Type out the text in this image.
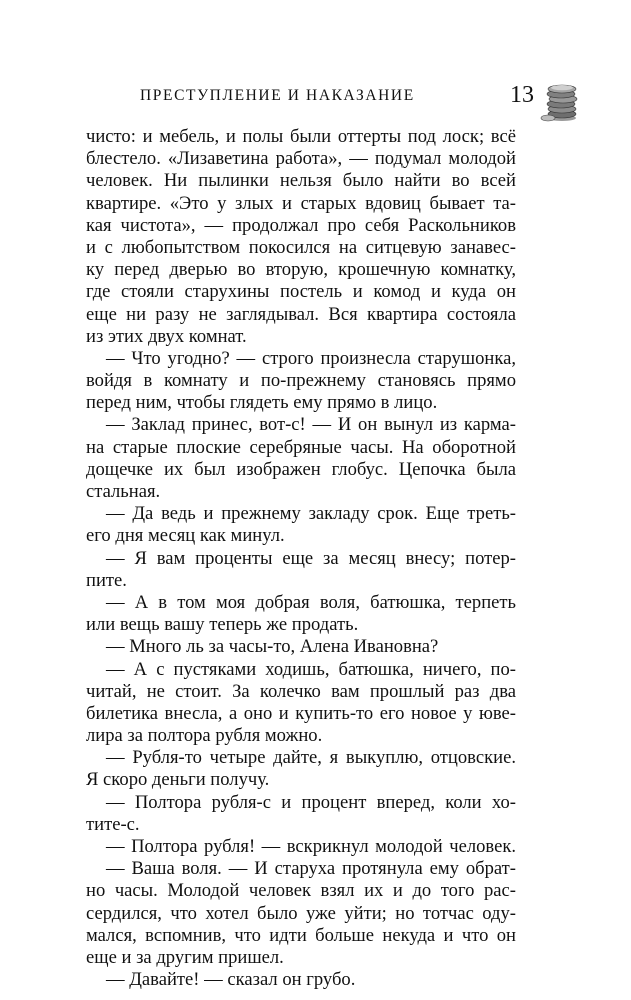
ПРЕСТУПЛЕНИЕ И НАКАЗАНИЕ	13
чисто: и мебель, и полы были оттерты под лоск; всё
блестело. «Лизаветина работа», — подумал молодой
человек. Ни пылинки нельзя было найти во всей
квартире. «Это у злых и старых вдовиц бывает та-
кая чистота», — продолжал про себя Раскольников
и с любопытством покосился на ситцевую занавес-
ку перед дверью во вторую, крошечную комнатку,
где стояли старухины постель и комод и куда он
еще ни разу не заглядывал. Вся квартира состояла
из этих двух комнат.
— Что угодно? — строго произнесла старушонка,
войдя в комнату и по-прежнему становясь прямо
перед ним, чтобы глядеть ему прямо в лицо.
— Заклад принес, вот-с! — И он вынул из карма-
на старые плоские серебряные часы. На оборотной
дощечке их был изображен глобус. Цепочка была
стальная.
— Да ведь и прежнему закладу срок. Еще треть-
его дня месяц как минул.
— Я вам проценты еще за месяц внесу; потер-
пите.
— А в том моя добрая воля, батюшка, терпеть
или вещь вашу теперь же продать.
— Много ль за часы-то, Алена Ивановна?
— А с пустяками ходишь, батюшка, ничего, по-
читай, не стоит. За колечко вам прошлый раз два
билетика внесла, а оно и купить-то его новое у юве-
лира за полтора рубля можно.
— Рубля-то четыре дайте, я выкуплю, отцовские.
Я скоро деньги получу.
— Полтора рубля-с и процент вперед, коли хо-
тите-с.
— Полтора рубля! — вскрикнул молодой человек.
— Ваша воля. — И старуха протянула ему обрат-
но часы. Молодой человек взял их и до того рас-
сердился, что хотел было уже уйти; но тотчас оду-
мался, вспомнив, что идти больше некуда и что он
еще и за другим пришел.
— Давайте! — сказал он грубо.
